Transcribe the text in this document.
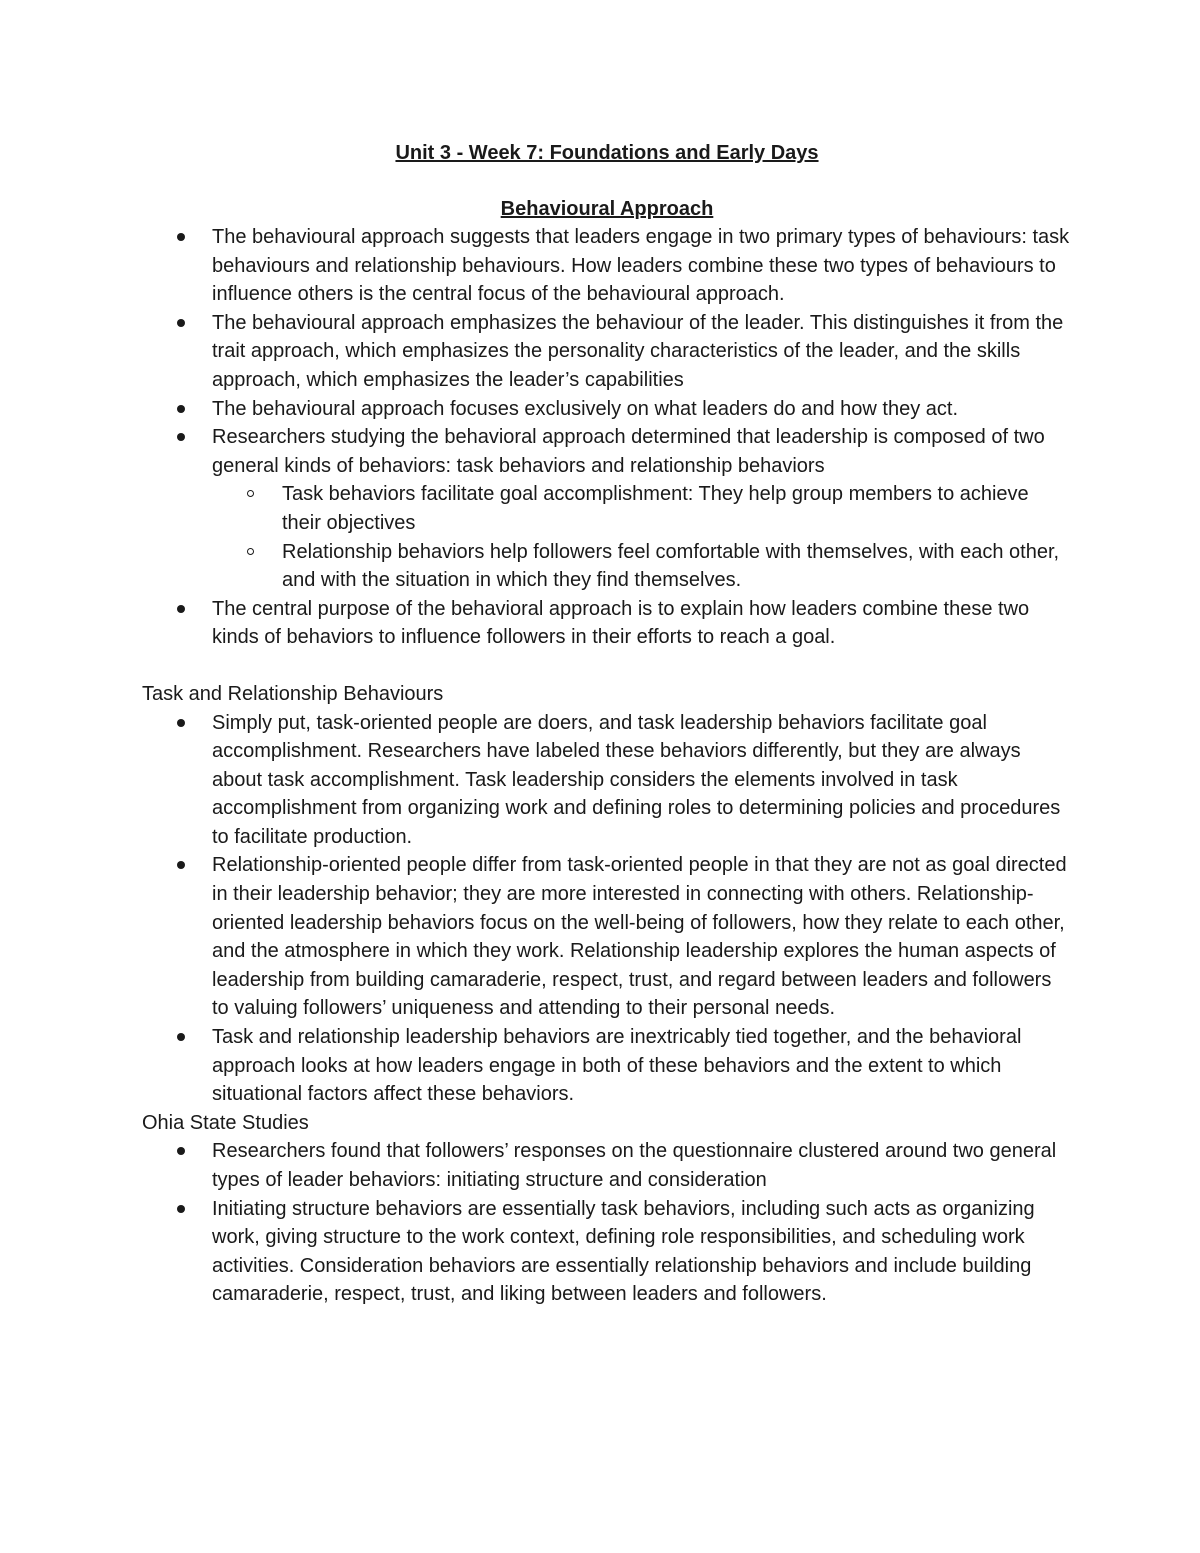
Unit 3 - Week 7: Foundations and Early Days

Behavioural Approach

The behavioural approach suggests that leaders engage in two primary types of behaviours: task behaviours and relationship behaviours. How leaders combine these two types of behaviours to influence others is the central focus of the behavioural approach.
The behavioural approach emphasizes the behaviour of the leader. This distinguishes it from the trait approach, which emphasizes the personality characteristics of the leader, and the skills approach, which emphasizes the leader’s capabilities
The behavioural approach focuses exclusively on what leaders do and how they act.
Researchers studying the behavioral approach determined that leadership is composed of two general kinds of behaviors: task behaviors and relationship behaviors
Task behaviors facilitate goal accomplishment: They help group members to achieve their objectives
Relationship behaviors help followers feel comfortable with themselves, with each other, and with the situation in which they find themselves.
The central purpose of the behavioral approach is to explain how leaders combine these two kinds of behaviors to influence followers in their efforts to reach a goal.

Task and Relationship Behaviours

Simply put, task-oriented people are doers, and task leadership behaviors facilitate goal accomplishment. Researchers have labeled these behaviors differently, but they are always about task accomplishment. Task leadership considers the elements involved in task accomplishment from organizing work and defining roles to determining policies and procedures to facilitate production.
Relationship-oriented people differ from task-oriented people in that they are not as goal directed in their leadership behavior; they are more interested in connecting with others. Relationship-oriented leadership behaviors focus on the well-being of followers, how they relate to each other, and the atmosphere in which they work. Relationship leadership explores the human aspects of leadership from building camaraderie, respect, trust, and regard between leaders and followers to valuing followers’ uniqueness and attending to their personal needs.
Task and relationship leadership behaviors are inextricably tied together, and the behavioral approach looks at how leaders engage in both of these behaviors and the extent to which situational factors affect these behaviors.

Ohia State Studies

Researchers found that followers’ responses on the questionnaire clustered around two general types of leader behaviors: initiating structure and consideration
Initiating structure behaviors are essentially task behaviors, including such acts as organizing work, giving structure to the work context, defining role responsibilities, and scheduling work activities. Consideration behaviors are essentially relationship behaviors and include building camaraderie, respect, trust, and liking between leaders and followers.
